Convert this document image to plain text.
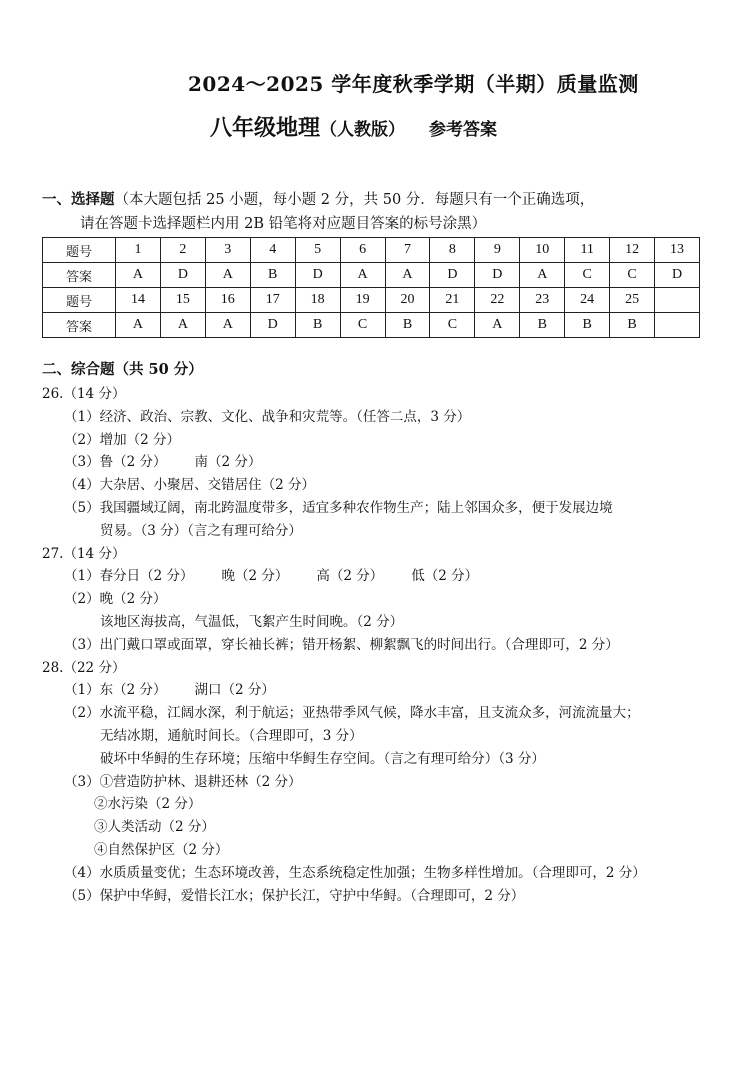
2024～2025 学年度秋季学期（半期）质量监测
八年级地理（人教版） 参考答案
一、选择题（本大题包括 25 小题，每小题 2 分，共 50 分．每题只有一个正确选项，
请在答题卡选择题栏内用 2B 铅笔将对应题目答案的标号涂黑）
题号	1	2	3	4	5	6	7	8	9	10	11	12	13
答案	A	D	A	B	D	A	A	D	D	A	C	C	D
题号	14	15	16	17	18	19	20	21	22	23	24	25	
答案	A	A	A	D	B	C	B	C	A	B	B	B	
二、综合题（共 50 分）
26.（14 分）
（1）经济、政治、宗教、文化、战争和灾荒等。（任答二点，3 分）
（2）增加（2 分）
（3）鲁（2 分） 南（2 分）
（4）大杂居、小聚居、交错居住（2 分）
（5）我国疆域辽阔，南北跨温度带多，适宜多种农作物生产；陆上邻国众多，便于发展边境
贸易。（3 分）（言之有理可给分）
27.（14 分）
（1）春分日（2 分） 晚（2 分） 高（2 分） 低（2 分）
（2）晚（2 分）
该地区海拔高，气温低，飞絮产生时间晚。（2 分）
（3）出门戴口罩或面罩，穿长袖长裤；错开杨絮、柳絮飘飞的时间出行。（合理即可，2 分）
28.（22 分）
（1）东（2 分） 湖口（2 分）
（2）水流平稳，江阔水深，利于航运；亚热带季风气候，降水丰富，且支流众多，河流流量大；
无结冰期，通航时间长。（合理即可，3 分）
破坏中华鲟的生存环境；压缩中华鲟生存空间。（言之有理可给分）（3 分）
（3）①营造防护林、退耕还林（2 分）
②水污染（2 分）
③人类活动（2 分）
④自然保护区（2 分）
（4）水质质量变优；生态环境改善，生态系统稳定性加强；生物多样性增加。（合理即可，2 分）
（5）保护中华鲟，爱惜长江水；保护长江，守护中华鲟。（合理即可，2 分）
